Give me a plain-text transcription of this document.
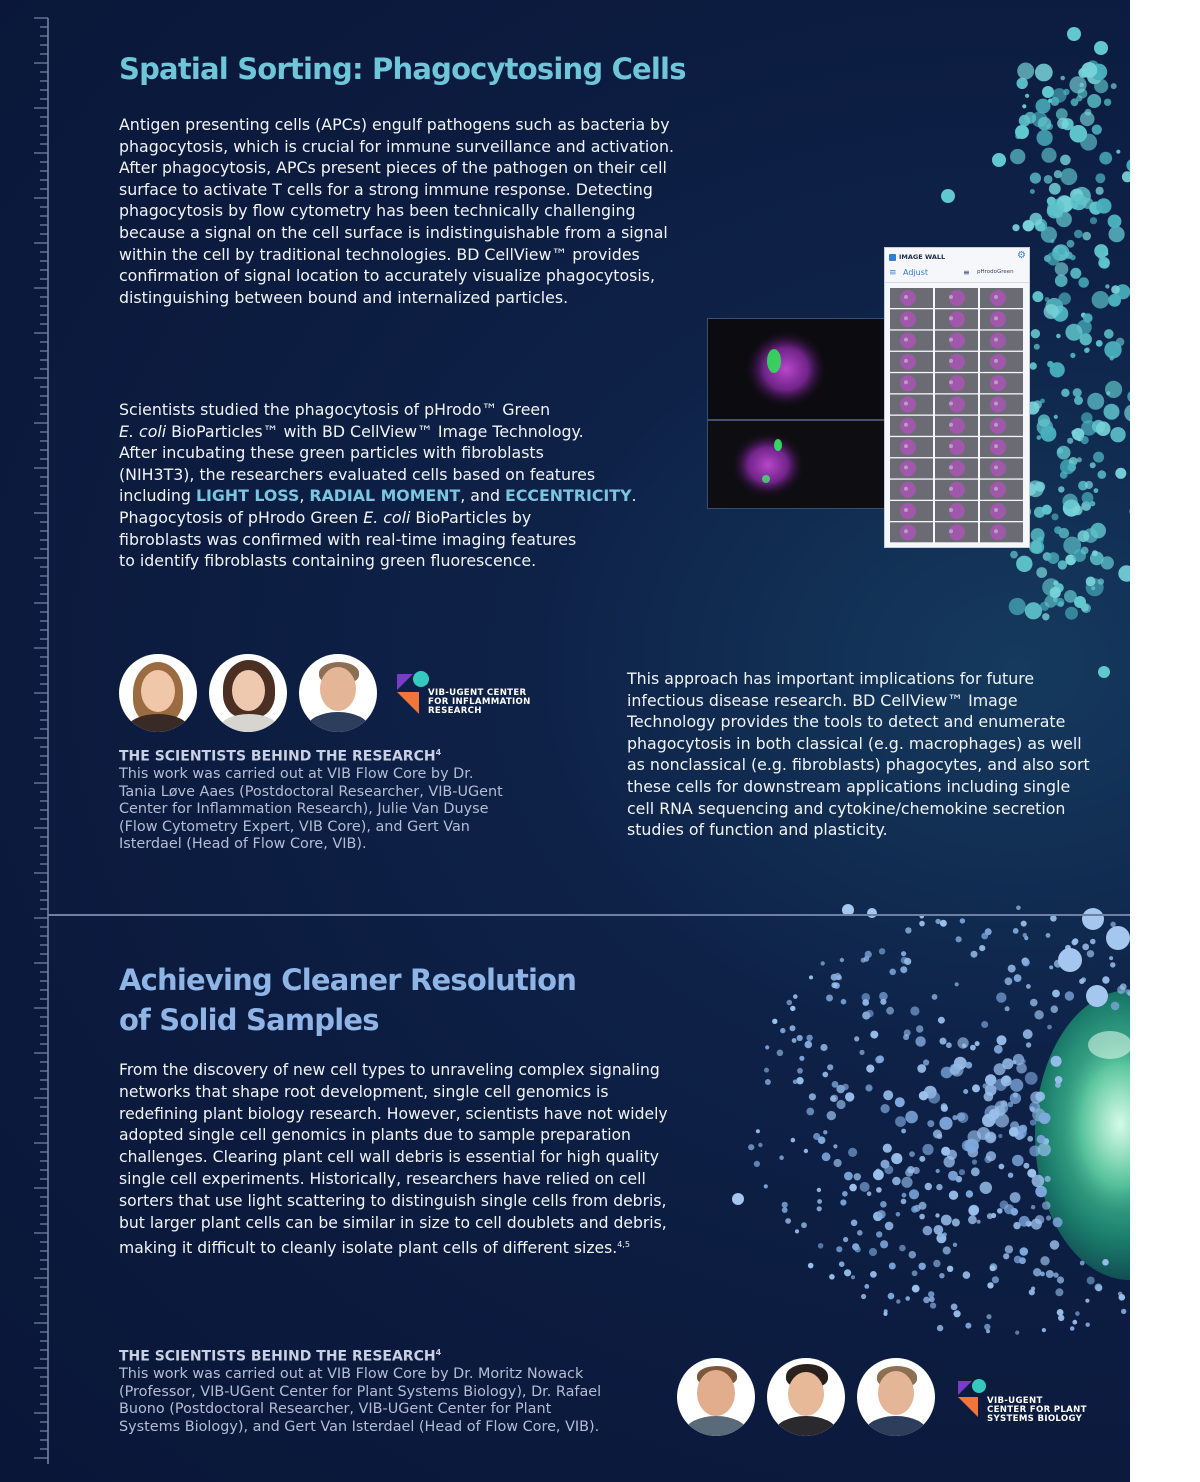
Spatial Sorting: Phagocytosing Cells

Antigen presenting cells (APCs) engulf pathogens such as bacteria by
phagocytosis, which is crucial for immune surveillance and activation.
After phagocytosis, APCs present pieces of the pathogen on their cell
surface to activate T cells for a strong immune response. Detecting
phagocytosis by flow cytometry has been technically challenging
because a signal on the cell surface is indistinguishable from a signal
within the cell by traditional technologies. BD CellView™ provides
confirmation of signal location to accurately visualize phagocytosis,
distinguishing between bound and internalized particles.

Scientists studied the phagocytosis of pHrodo™ Green
E. coli BioParticles™ with BD CellView™ Image Technology.
After incubating these green particles with fibroblasts
(NIH3T3), the researchers evaluated cells based on features
including LIGHT LOSS, RADIAL MOMENT, and ECCENTRICITY.
Phagocytosis of pHrodo Green E. coli BioParticles by
fibroblasts was confirmed with real-time imaging features
to identify fibroblasts containing green fluorescence.

IMAGE WALL	⚙
≡ Adjust	≡ pHrodoGreen

VIB-UGENT CENTER
FOR INFLAMMATION
RESEARCH

THE SCIENTISTS BEHIND THE RESEARCH$^4$

This work was carried out at VIB Flow Core by Dr.
Tania Løve Aaes (Postdoctoral Researcher, VIB-UGent
Center for Inflammation Research), Julie Van Duyse
(Flow Cytometry Expert, VIB Core), and Gert Van
Isterdael (Head of Flow Core, VIB).

This approach has important implications for future
infectious disease research. BD CellView™ Image
Technology provides the tools to detect and enumerate
phagocytosis in both classical (e.g. macrophages) as well
as nonclassical (e.g. fibroblasts) phagocytes, and also sort
these cells for downstream applications including single
cell RNA sequencing and cytokine/chemokine secretion
studies of function and plasticity.

Achieving Cleaner Resolution
of Solid Samples

From the discovery of new cell types to unraveling complex signaling
networks that shape root development, single cell genomics is
redefining plant biology research. However, scientists have not widely
adopted single cell genomics in plants due to sample preparation
challenges. Clearing plant cell wall debris is essential for high quality
single cell experiments. Historically, researchers have relied on cell
sorters that use light scattering to distinguish single cells from debris,
but larger plant cells can be similar in size to cell doublets and debris,
making it difficult to cleanly isolate plant cells of different sizes.$^{4,5}$

THE SCIENTISTS BEHIND THE RESEARCH$^4$

This work was carried out at VIB Flow Core by Dr. Moritz Nowack
(Professor, VIB-UGent Center for Plant Systems Biology), Dr. Rafael
Buono (Postdoctoral Researcher, VIB-UGent Center for Plant
Systems Biology), and Gert Van Isterdael (Head of Flow Core, VIB).

VIB-UGENT
CENTER FOR PLANT
SYSTEMS BIOLOGY
